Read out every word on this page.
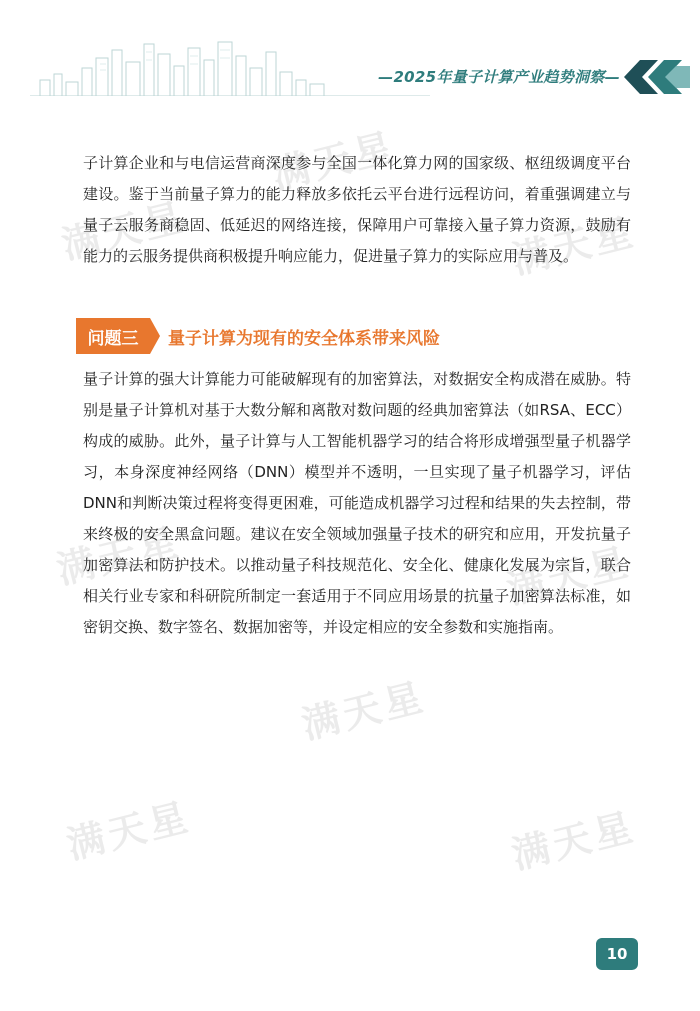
—2025年量子计算产业趋势洞察—
满天星
满天星	满天星
满天星	满天星
满天星
满天星	满天星

子计算企业和与电信运营商深度参与全国一体化算力网的国家级、枢纽级调度平台建设。鉴于当前量子算力的能力释放多依托云平台进行远程访问，着重强调建立与量子云服务商稳固、低延迟的网络连接，保障用户可靠接入量子算力资源，鼓励有能力的云服务提供商积极提升响应能力，促进量子算力的实际应用与普及。

问题三	量子计算为现有的安全体系带来风险

量子计算的强大计算能力可能破解现有的加密算法，对数据安全构成潜在威胁。特别是量子计算机对基于大数分解和离散对数问题的经典加密算法（如RSA、ECC）构成的威胁。此外，量子计算与人工智能机器学习的结合将形成增强型量子机器学习，本身深度神经网络（DNN）模型并不透明，一旦实现了量子机器学习，评估DNN和判断决策过程将变得更困难，可能造成机器学习过程和结果的失去控制，带来终极的安全黑盒问题。建议在安全领域加强量子技术的研究和应用，开发抗量子加密算法和防护技术。以推动量子科技规范化、安全化、健康化发展为宗旨，联合相关行业专家和科研院所制定一套适用于不同应用场景的抗量子加密算法标准，如密钥交换、数字签名、数据加密等，并设定相应的安全参数和实施指南。

10
